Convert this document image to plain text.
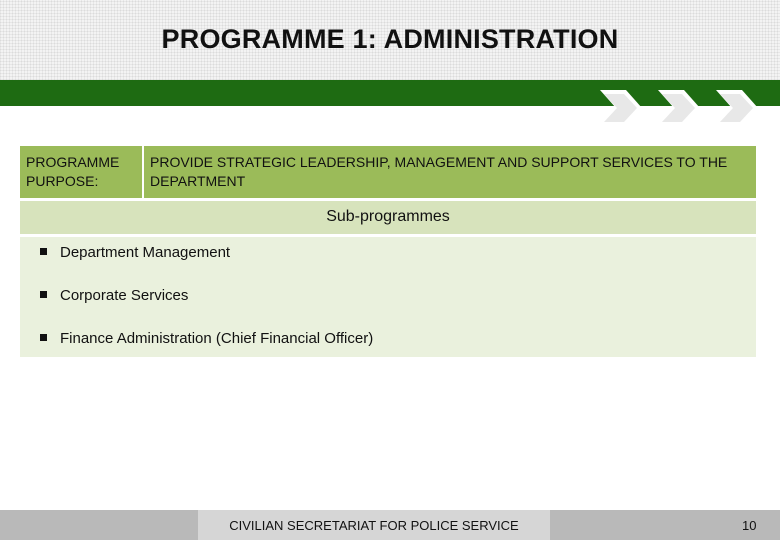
PROGRAMME 1: ADMINISTRATION
PROGRAMME PURPOSE:
PROVIDE STRATEGIC LEADERSHIP, MANAGEMENT AND SUPPORT SERVICES TO THE DEPARTMENT
Sub-programmes
Department Management
Corporate Services
Finance Administration (Chief Financial Officer)
CIVILIAN SECRETARIAT FOR POLICE SERVICE	10
